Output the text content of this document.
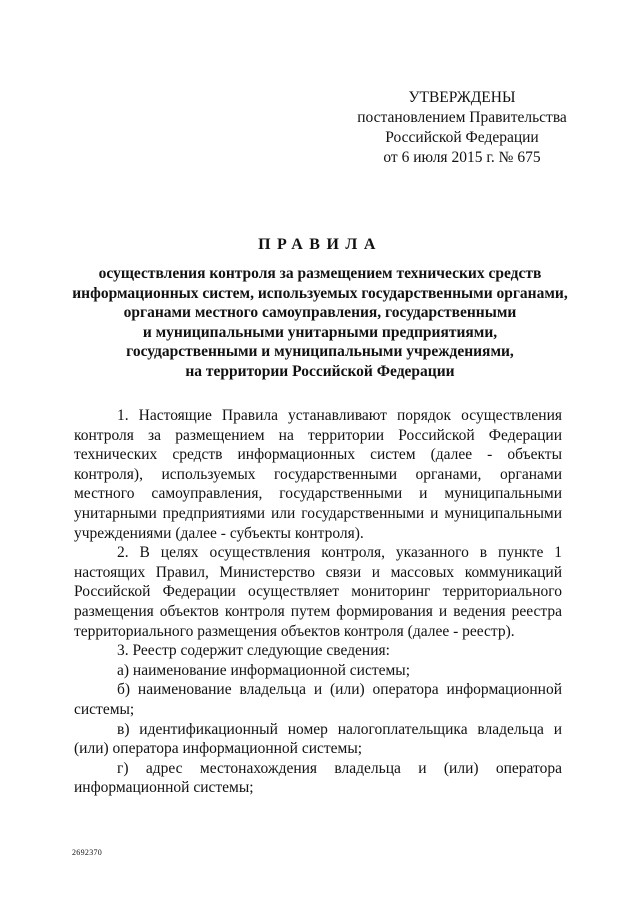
УТВЕРЖДЕНЫ
постановлением Правительства
Российской Федерации
от 6 июля 2015 г. № 675
ПРАВИЛА
осуществления контроля за размещением технических средств
информационных систем, используемых государственными органами,
органами местного самоуправления, государственными
и муниципальными унитарными предприятиями,
государственными и муниципальными учреждениями,
на территории Российской Федерации

1. Настоящие Правила устанавливают порядок осуществления контроля за размещением на территории Российской Федерации технических средств информационных систем (далее - объекты контроля), используемых государственными органами, органами местного самоуправления, государственными и муниципальными унитарными предприятиями или государственными и муниципальными учреждениями (далее - субъекты контроля).

2. В целях осуществления контроля, указанного в пункте 1 настоящих Правил, Министерство связи и массовых коммуникаций Российской Федерации осуществляет мониторинг территориального размещения объектов контроля путем формирования и ведения реестра территориального размещения объектов контроля (далее - реестр).

3. Реестр содержит следующие сведения:

а) наименование информационной системы;

б) наименование владельца и (или) оператора информационной системы;

в) идентификационный номер налогоплательщика владельца и (или) оператора информационной системы;

г) адрес местонахождения владельца и (или) оператора информационной системы;

2692370
